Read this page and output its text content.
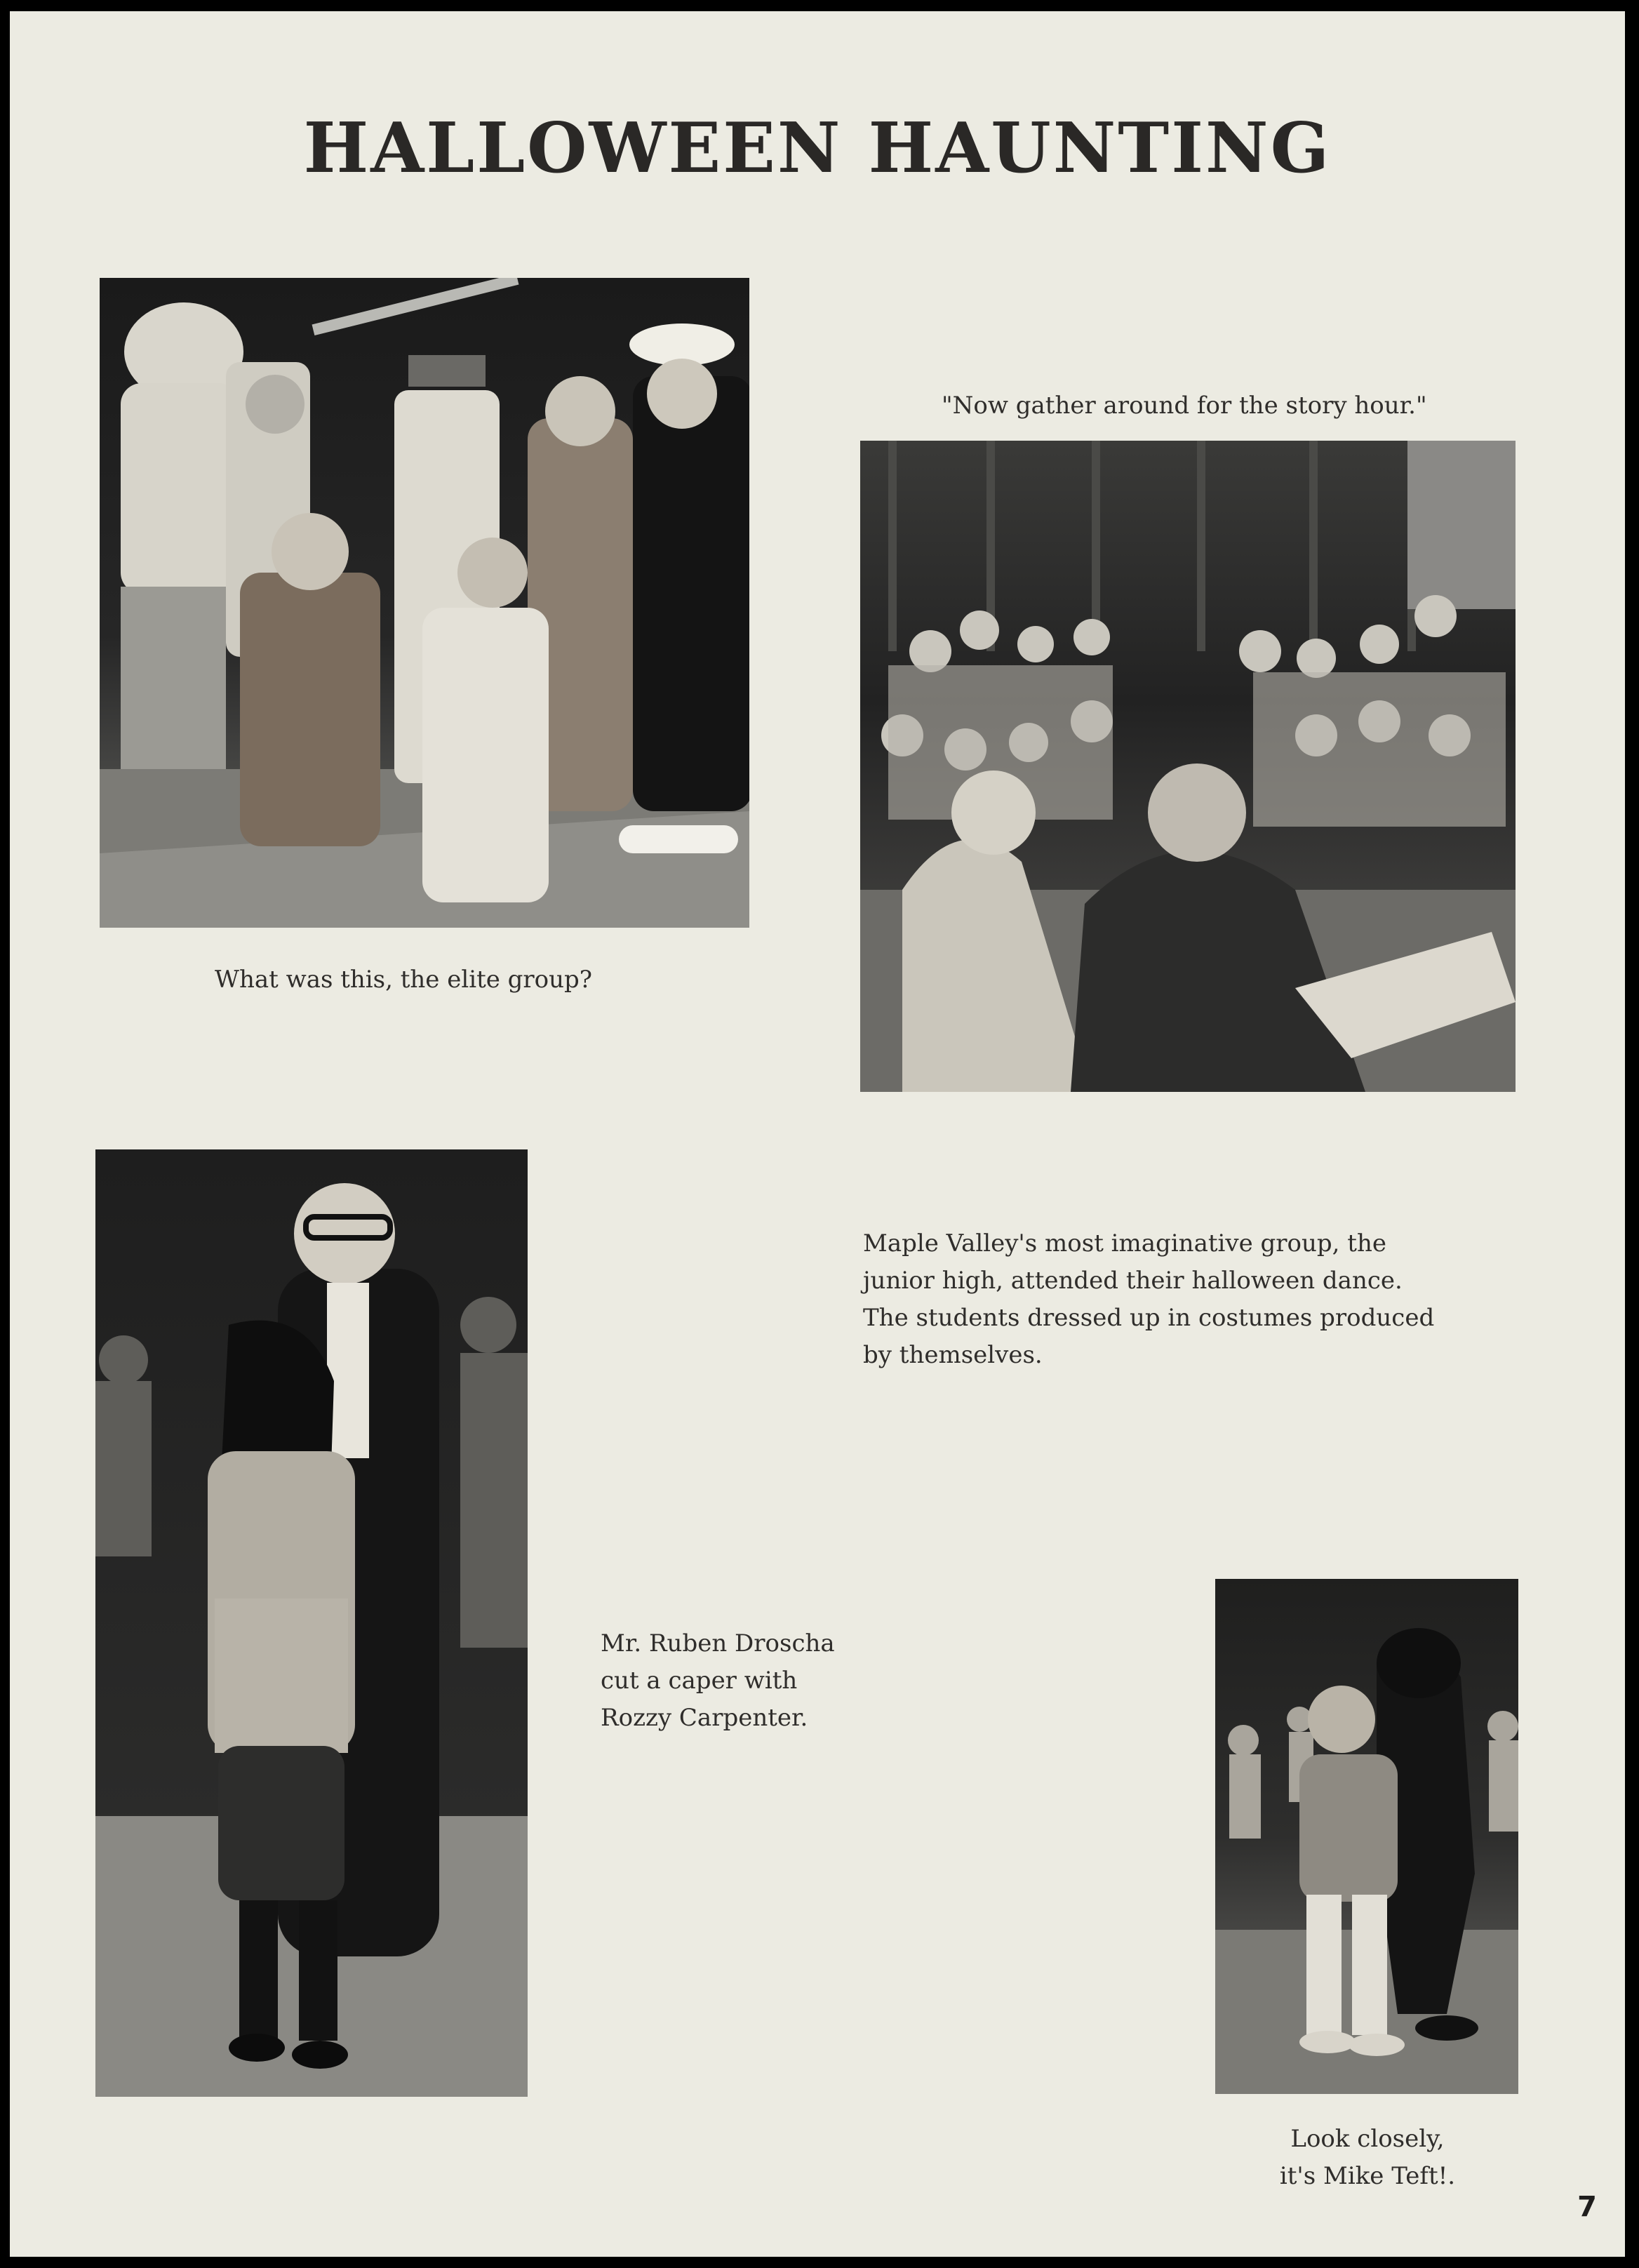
HALLOWEEN HAUNTING

What was this, the elite group?

"Now gather around for the story hour."

Maple Valley's most imaginative group, the
junior high, attended their halloween dance.
The students dressed up in costumes produced
by themselves.
Mr. Ruben Droscha
cut a caper with
Rozzy Carpenter.
Look closely,
it's Mike Teft!.
7
